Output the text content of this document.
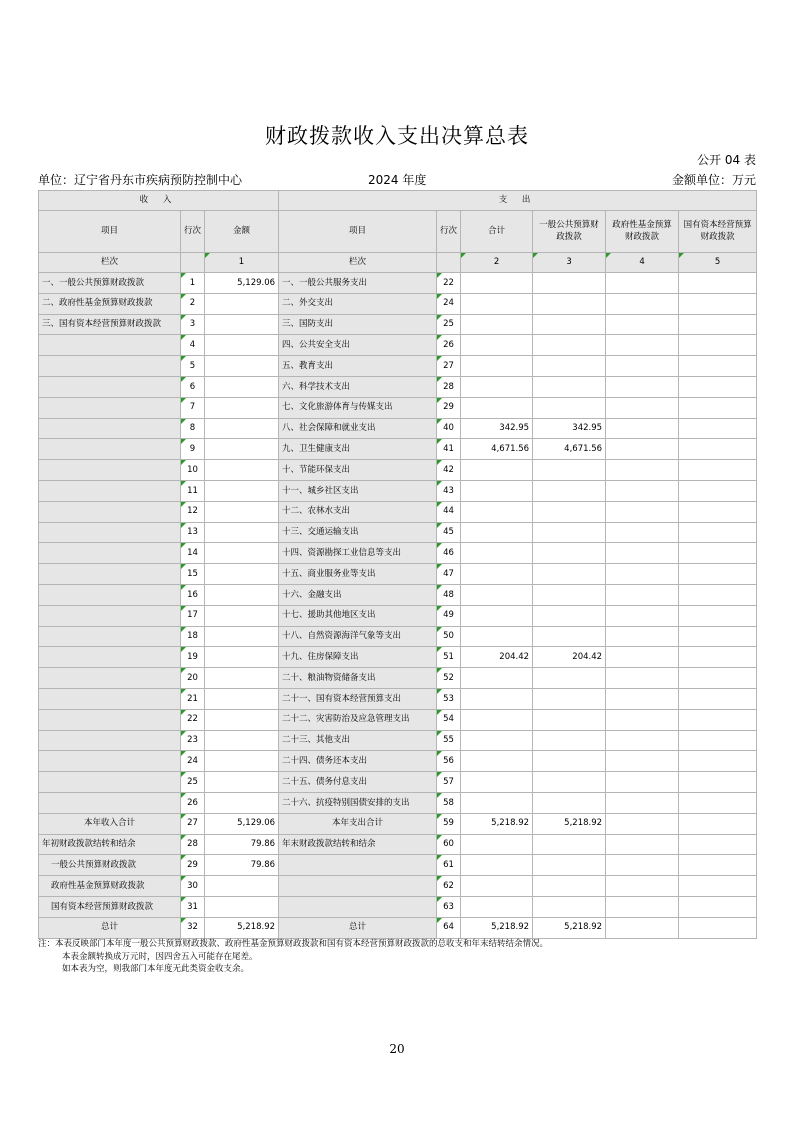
财政拨款收入支出决算总表
公开 04 表
单位：辽宁省丹东市疾病预防控制中心	2024 年度	金额单位：万元
收 入			支 出					
项目	行次	金额	项目	行次	合计	一般公共预算财政拨款	政府性基金预算财政拨款	国有资本经营预算财政拨款
栏次		1	栏次		2	3	4	5
一、一般公共预算财政拨款	1	5,129.06	一、一般公共服务支出	22				
二、政府性基金预算财政拨款	2		二、外交支出	24				
三、国有资本经营预算财政拨款	3		三、国防支出	25				
	4		四、公共安全支出	26				
	5		五、教育支出	27				
	6		六、科学技术支出	28				
	7		七、文化旅游体育与传媒支出	29				
	8		八、社会保障和就业支出	40	342.95	342.95		
	9		九、卫生健康支出	41	4,671.56	4,671.56		
	10		十、节能环保支出	42				
	11		十一、城乡社区支出	43				
	12		十二、农林水支出	44				
	13		十三、交通运输支出	45				
	14		十四、资源勘探工业信息等支出	46				
	15		十五、商业服务业等支出	47				
	16		十六、金融支出	48				
	17		十七、援助其他地区支出	49				
	18		十八、自然资源海洋气象等支出	50				
	19		十九、住房保障支出	51	204.42	204.42		
	20		二十、粮油物资储备支出	52				
	21		二十一、国有资本经营预算支出	53				
	22		二十二、灾害防治及应急管理支出	54				
	23		二十三、其他支出	55				
	24		二十四、债务还本支出	56				
	25		二十五、债务付息支出	57				
	26		二十六、抗疫特别国债安排的支出	58				
本年收入合计	27	5,129.06	本年支出合计	59	5,218.92	5,218.92		
年初财政拨款结转和结余	28	79.86	年末财政拨款结转和结余	60				
一般公共预算财政拨款	29	79.86		61				
政府性基金预算财政拨款	30			62				
国有资本经营预算财政拨款	31			63				
总计	32	5,218.92	总计	64	5,218.92	5,218.92		
注：本表反映部门本年度一般公共预算财政拨款、政府性基金预算财政拨款和国有资本经营预算财政拨款的总收支和年末结转结余情况。
本表金额转换成万元时，因四舍五入可能存在尾差。
如本表为空，则我部门本年度无此类资金收支余。
20
